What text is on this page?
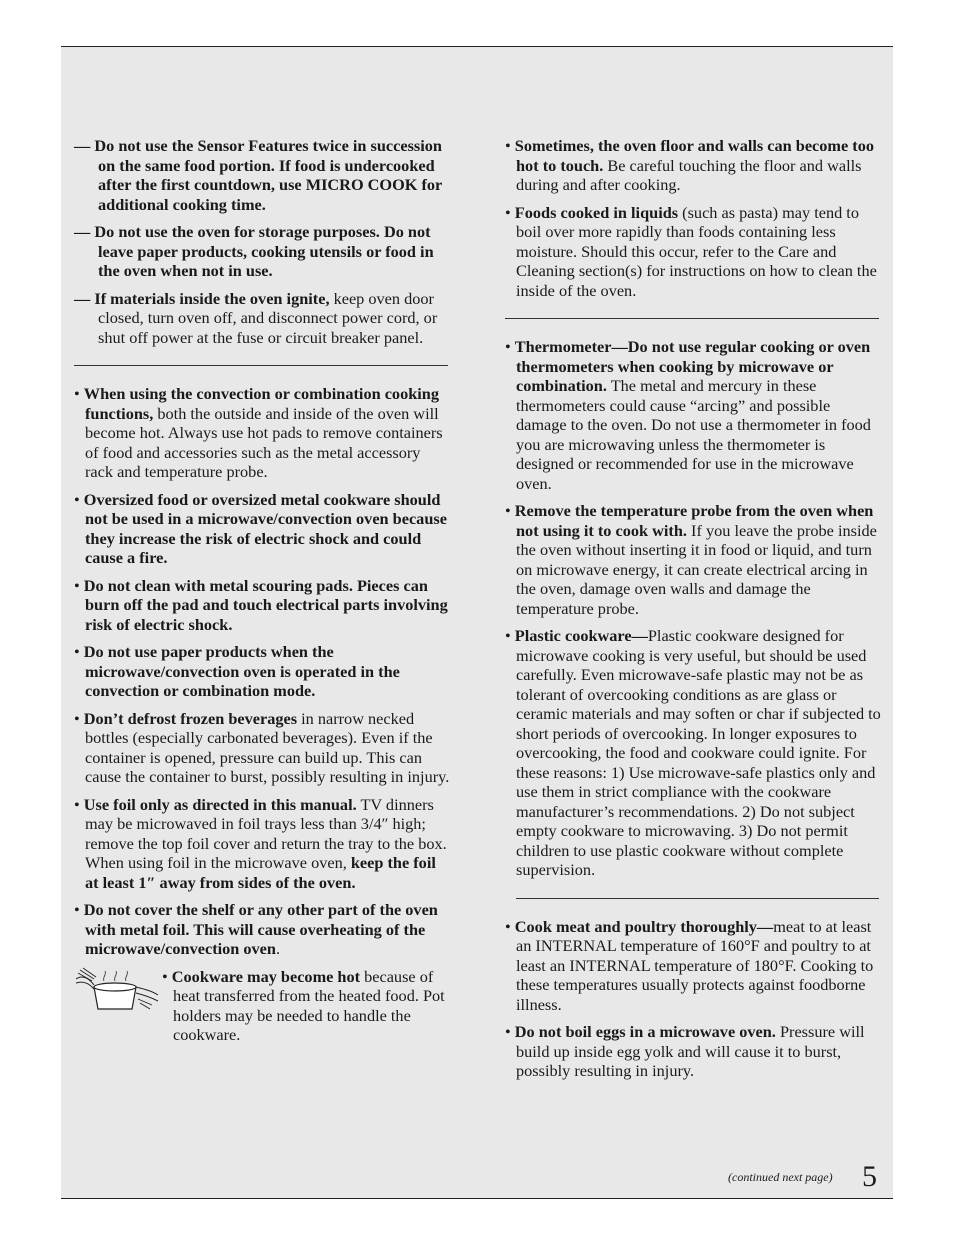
— Do not use the Sensor Features twice in succession on the same food portion. If food is undercooked after the first countdown, use MICRO COOK for additional cooking time.

— Do not use the oven for storage purposes. Do not leave paper products, cooking utensils or food in the oven when not in use.

— If materials inside the oven ignite, keep oven door closed, turn oven off, and disconnect power cord, or shut off power at the fuse or circuit breaker panel.

• When using the convection or combination cooking functions, both the outside and inside of the oven will become hot. Always use hot pads to remove containers of food and accessories such as the metal accessory rack and temperature probe.

• Oversized food or oversized metal cookware should not be used in a microwave/convection oven because they increase the risk of electric shock and could cause a fire.

• Do not clean with metal scouring pads. Pieces can burn off the pad and touch electrical parts involving risk of electric shock.

• Do not use paper products when the microwave/convection oven is operated in the convection or combination mode.

• Don’t defrost frozen beverages in narrow necked bottles (especially carbonated beverages). Even if the container is opened, pressure can build up. This can cause the container to burst, possibly resulting in injury.

• Use foil only as directed in this manual. TV dinners may be microwaved in foil trays less than 3/4″ high; remove the top foil cover and return the tray to the box. When using foil in the microwave oven, keep the foil at least 1″ away from sides of the oven.

• Do not cover the shelf or any other part of the oven with metal foil. This will cause overheating of the microwave/convection oven.

• Cookware may become hot because of heat transferred from the heated food. Pot holders may be needed to handle the cookware.

• Sometimes, the oven floor and walls can become too hot to touch. Be careful touching the floor and walls during and after cooking.

• Foods cooked in liquids (such as pasta) may tend to boil over more rapidly than foods containing less moisture. Should this occur, refer to the Care and Cleaning section(s) for instructions on how to clean the inside of the oven.

• Thermometer—Do not use regular cooking or oven thermometers when cooking by microwave or combination. The metal and mercury in these thermometers could cause “arcing” and possible damage to the oven. Do not use a thermometer in food you are microwaving unless the thermometer is designed or recommended for use in the microwave oven.

• Remove the temperature probe from the oven when not using it to cook with. If you leave the probe inside the oven without inserting it in food or liquid, and turn on microwave energy, it can create electrical arcing in the oven, damage oven walls and damage the temperature probe.

• Plastic cookware—Plastic cookware designed for microwave cooking is very useful, but should be used carefully. Even microwave-safe plastic may not be as tolerant of overcooking conditions as are glass or ceramic materials and may soften or char if subjected to short periods of overcooking. In longer exposures to overcooking, the food and cookware could ignite. For these reasons: 1) Use microwave-safe plastics only and use them in strict compliance with the cookware manufacturer’s recommendations. 2) Do not subject empty cookware to microwaving. 3) Do not permit children to use plastic cookware without complete supervision.

• Cook meat and poultry thoroughly—meat to at least an INTERNAL temperature of 160°F and poultry to at least an INTERNAL temperature of 180°F. Cooking to these temperatures usually protects against foodborne illness.

• Do not boil eggs in a microwave oven. Pressure will build up inside egg yolk and will cause it to burst, possibly resulting in injury.

(continued next page) 5
